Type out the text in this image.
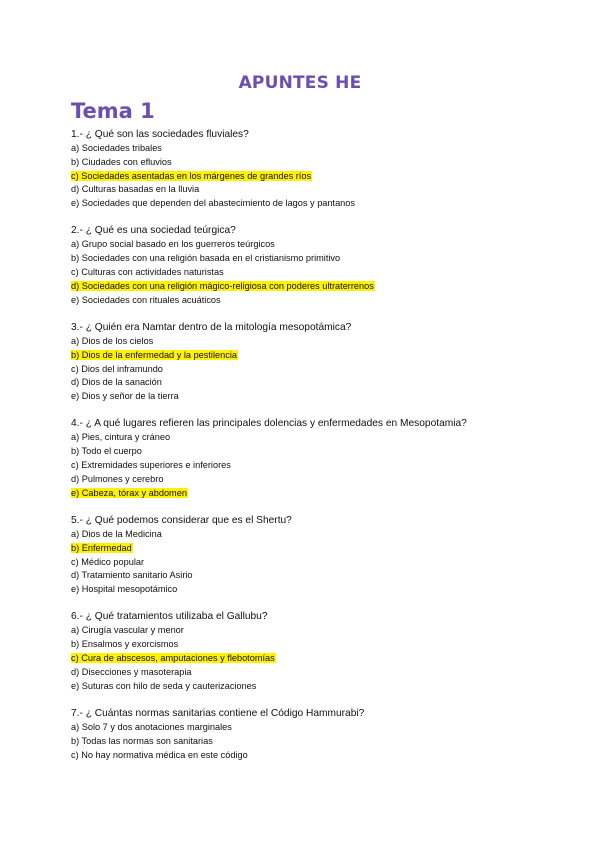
APUNTES HE
Tema 1
1.- ¿ Qué son las sociedades fluviales?
a) Sociedades tribales
b) Ciudades con efluvios
c) Sociedades asentadas en los márgenes de grandes ríos
d) Culturas basadas en la lluvia
e) Sociedades que dependen del abastecimiento de lagos y pantanos
2.- ¿ Qué es una sociedad teúrgica?
a) Grupo social basado en los guerreros teúrgicos
b) Sociedades con una religión basada en el cristianismo primitivo
c) Culturas con actividades naturistas
d) Sociedades con una religión mágico-religiosa con poderes ultraterrenos
e) Sociedades con rituales acuáticos
3.- ¿ Quién era Namtar dentro de la mitología mesopotámica?
a) Dios de los cielos
b) Dios de la enfermedad y la pestilencia
c) Dios del inframundo
d) Dios de la sanación
e) Dios y señor de la tierra
4.- ¿ A qué lugares refieren las principales dolencias y enfermedades en Mesopotamia?
a) Pies, cintura y cráneo
b) Todo el cuerpo
c) Extremidades superiores e inferiores
d) Pulmones y cerebro
e) Cabeza, tórax y abdomen
5.- ¿ Qué podemos considerar que es el Shertu?
a) Dios de la Medicina
b) Enfermedad
c) Médico popular
d) Tratamiento sanitario Asirio
e) Hospital mesopotámico
6.- ¿ Qué tratamientos utilizaba el Gallubu?
a) Cirugía vascular y menor
b) Ensalmos y exorcismos
c) Cura de abscesos, amputaciones y flebotomías
d) Disecciones y masoterapia
e) Suturas con hilo de seda y cauterizaciones
7.- ¿ Cuántas normas sanitarias contiene el Código Hammurabi?
a) Solo 7 y dos anotaciones marginales
b) Todas las normas son sanitarias
c) No hay normativa médica en este código
